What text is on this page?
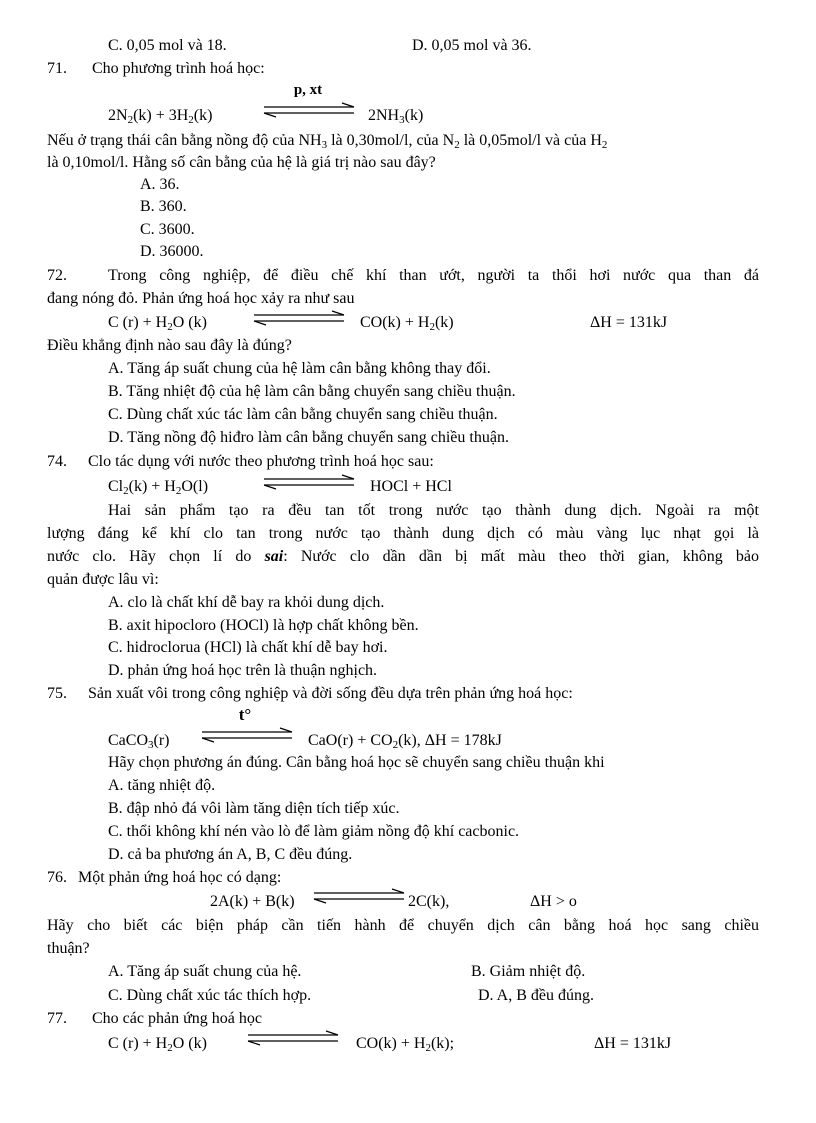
C. 0,05 mol và 18.	D. 0,05 mol và 36.
71. Cho phương trình hoá học:
p, xt
$2N_2(k) + 3H_2(k)$	$2NH_3(k)$
Nếu ở trạng thái cân bằng nồng độ của $NH_3$ là 0,30mol/l, của $N_2$ là 0,05mol/l và của $H_2$
là 0,10mol/l. Hằng số cân bằng của hệ là giá trị nào sau đây?
A. 36.
B. 360.
C. 3600.
D. 36000.
72.	Trong công nghiệp, để điều chế khí than ướt, người ta thổi hơi nước qua than đá
đang nóng đỏ. Phản ứng hoá học xảy ra như sau
C $(r) + H_2O$ (k)	$CO(k) + H_2(k)$	ΔH = 131kJ
Điều khẳng định nào sau đây là đúng?
A. Tăng áp suất chung của hệ làm cân bằng không thay đổi.
B. Tăng nhiệt độ của hệ làm cân bằng chuyển sang chiều thuận.
C. Dùng chất xúc tác làm cân bằng chuyển sang chiều thuận.
D. Tăng nồng độ hiđro làm cân bằng chuyển sang chiều thuận.
74. Clo tác dụng với nước theo phương trình hoá học sau:
$Cl_2(k) + H_2O(l)$	HOCl + HCl
Hai sản phẩm tạo ra đều tan tốt trong nước tạo thành dung dịch. Ngoài ra một
lượng đáng kể khí clo tan trong nước tạo thành dung dịch có màu vàng lục nhạt gọi là
nước clo. Hãy chọn lí do sai: Nước clo dần dần bị mất màu theo thời gian, không bảo
quản được lâu vì:
A. clo là chất khí dễ bay ra khỏi dung dịch.
B. axit hipocloro (HOCl) là hợp chất không bền.
C. hidroclorua (HCl) là chất khí dễ bay hơi.
D. phản ứng hoá học trên là thuận nghịch.
75. Sản xuất vôi trong công nghiệp và đời sống đều dựa trên phản ứng hoá học:
t°
CaCO$_3$(r)	$CaO(r) + CO_2(k)$, ΔH = 178kJ
Hãy chọn phương án đúng. Cân bằng hoá học sẽ chuyển sang chiều thuận khi
A. tăng nhiệt độ.
B. đập nhỏ đá vôi làm tăng diện tích tiếp xúc.
C. thổi không khí nén vào lò để làm giảm nồng độ khí cacbonic.
D. cả ba phương án A, B, C đều đúng.
76. Một phản ứng hoá học có dạng:
2A(k) + B(k)	2C(k),	ΔH > o
Hãy cho biết các biện pháp cần tiến hành để chuyển dịch cân bằng hoá học sang chiều
thuận?
A. Tăng áp suất chung của hệ.	B. Giảm nhiệt độ.
C. Dùng chất xúc tác thích hợp.	D. A, B đều đúng.
77. Cho các phản ứng hoá học
C $(r) + H_2O$ (k)	$CO(k) + H_2(k)$;	ΔH = 131kJ
